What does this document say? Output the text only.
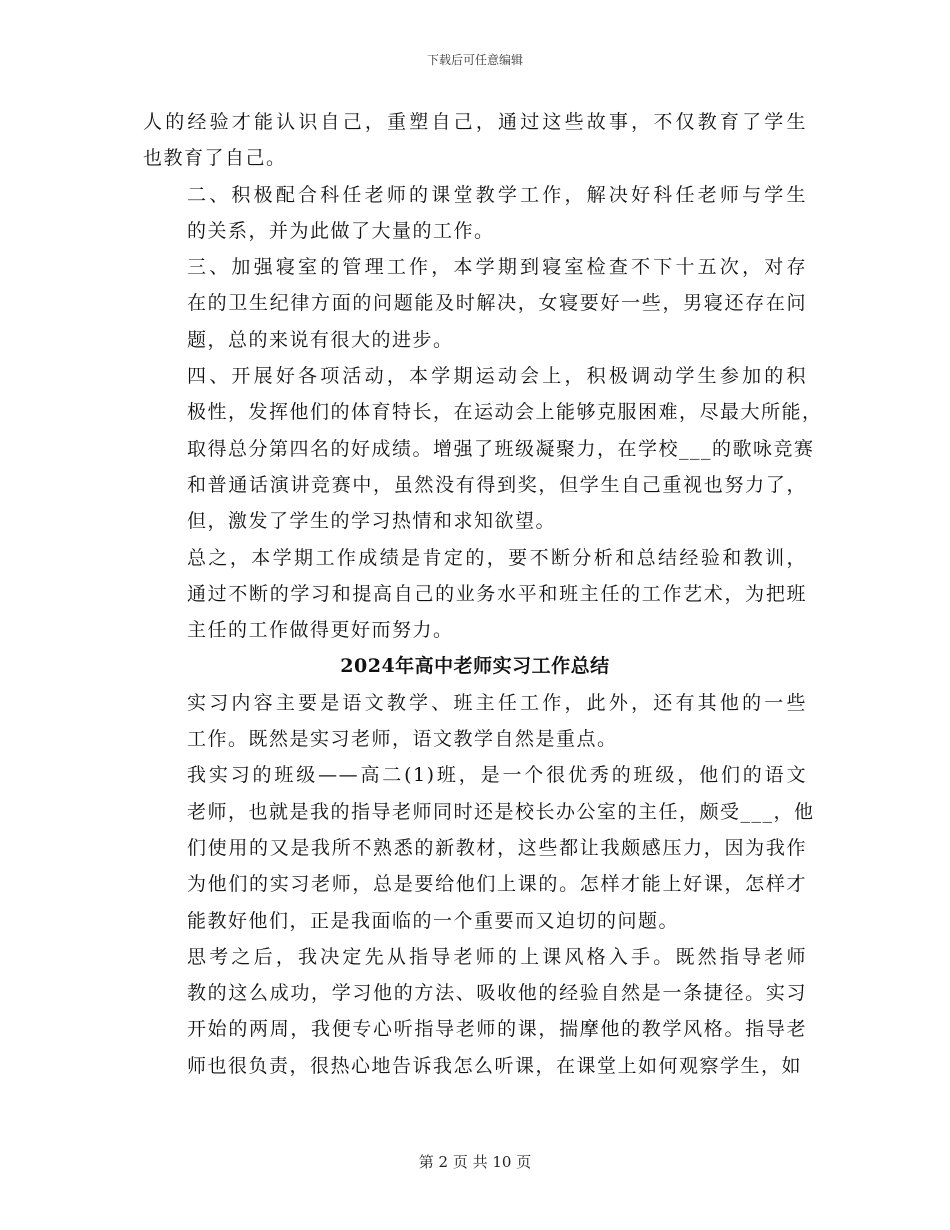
下载后可任意编辑

人的经验才能认识自己，重塑自己，通过这些故事，不仅教育了学生
也教育了自己。

二、积极配合科任老师的课堂教学工作，解决好科任老师与学生
的关系，并为此做了大量的工作。

三、加强寝室的管理工作，本学期到寝室检查不下十五次，对存
在的卫生纪律方面的问题能及时解决，女寝要好一些，男寝还存在问
题，总的来说有很大的进步。

四、开展好各项活动，本学期运动会上，积极调动学生参加的积
极性，发挥他们的体育特长，在运动会上能够克服困难，尽最大所能，
取得总分第四名的好成绩。增强了班级凝聚力，在学校___的歌咏竞赛
和普通话演讲竞赛中，虽然没有得到奖，但学生自己重视也努力了，
但，激发了学生的学习热情和求知欲望。

总之，本学期工作成绩是肯定的，要不断分析和总结经验和教训，
通过不断的学习和提高自己的业务水平和班主任的工作艺术，为把班
主任的工作做得更好而努力。

2024年高中老师实习工作总结

实习内容主要是语文教学、班主任工作，此外，还有其他的一些
工作。既然是实习老师，语文教学自然是重点。

我实习的班级——高二(1)班，是一个很优秀的班级，他们的语文
老师，也就是我的指导老师同时还是校长办公室的主任，颇受___，他
们使用的又是我所不熟悉的新教材，这些都让我颇感压力，因为我作
为他们的实习老师，总是要给他们上课的。怎样才能上好课，怎样才
能教好他们，正是我面临的一个重要而又迫切的问题。

思考之后，我决定先从指导老师的上课风格入手。既然指导老师
教的这么成功，学习他的方法、吸收他的经验自然是一条捷径。实习
开始的两周，我便专心听指导老师的课，揣摩他的教学风格。指导老
师也很负责，很热心地告诉我怎么听课，在课堂上如何观察学生，如

第 2 页 共 10 页
